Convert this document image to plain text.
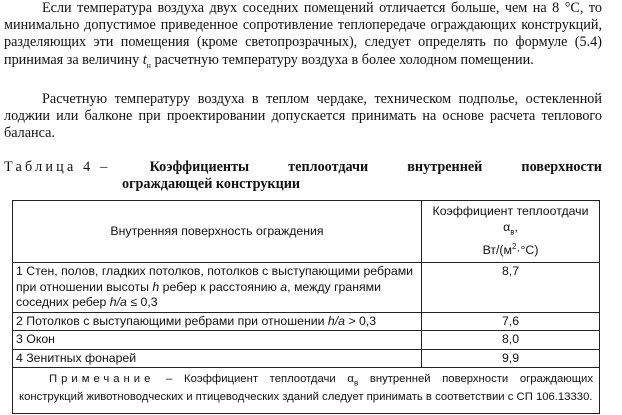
Если температура воздуха двух соседних помещений отличается больше, чем на 8 °С, то минимально допустимое приведенное сопротивление теплопередаче ограждающих конструкций, разделяющих эти помещения (кроме светопрозрачных), следует определять по формуле (5.4) принимая за величину $t_н$ расчетную температуру воздуха в более холодном помещении.

Расчетную температуру воздуха в теплом чердаке, техническом подполье, остекленной лоджии или балконе при проектировании допускается принимать на основе расчета теплового баланса.

Таблица 4 –	Коэффициенты	теплоотдачи	внутренней	поверхности
ограждающей конструкции
Внутренняя поверхность ограждения	Коэффициент теплоотдачи $\alpha_в$,
$Вт/(м^2\cdot^\circ С)$
1 Стен, полов, гладких потолков, потолков с выступающими ребрами при отношении высоты h ребер к расстоянию a, между гранями соседних ребер h/a ≤ 0,3	8,7
2 Потолков с выступающими ребрами при отношении h/a > 0,3	7,6
3 Окон	8,0
4 Зенитных фонарей	9,9
Примечание – Коэффициент теплоотдачи $\alpha_в$ внутренней поверхности ограждающих конструкций животноводческих и птицеводческих зданий следует принимать в соответствии с СП 106.13330.	
